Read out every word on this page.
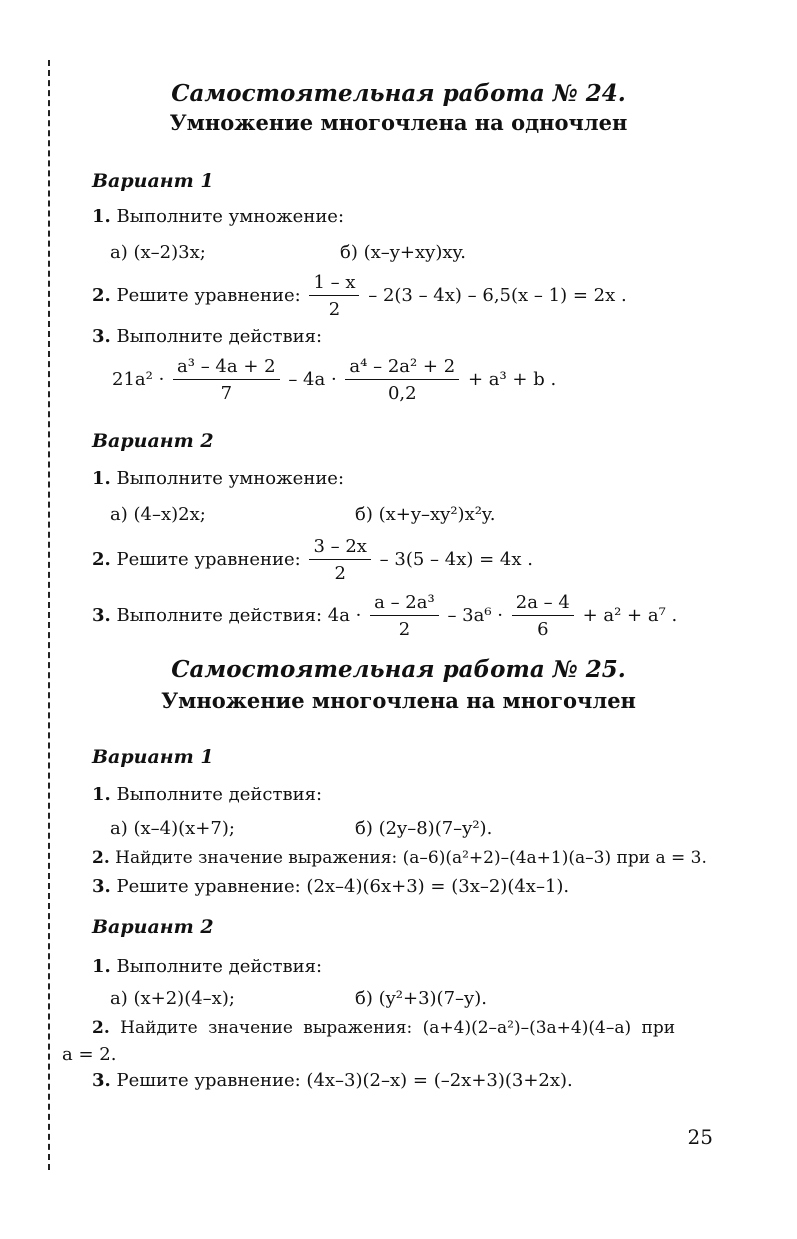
Самостоятельная работа № 24.
Умножение многочлена на одночлен
Вариант 1
1. Выполните умножение:
а) (x–2)3x;	б) (x–y+xy)xy.
2. Решите уравнение: $\frac{1 - x}{2} - 2(3 - 4x) - 6,5(x - 1) = 2x$ .
3. Выполните действия:
$21a^2 \cdot \frac{\text{a³ – 4a + 2}}{7} - 4a \cdot \frac{\text{a⁴ – 2a² + 2}}{0,2} + a^3 + b$ .
Вариант 2
1. Выполните умножение:
а) (4–x)2x;	б) (x+y–xy²)x²y.
2. Решите уравнение: $\frac{3 - 2x}{2} - 3(5 - 4x) = 4x$ .
3. Выполните действия: $4a \cdot \frac{\text{a – 2a³}}{2} - 3a^6 \cdot \frac{2a - 4}{6} + a^2 + a^7$ .
Самостоятельная работа № 25.
Умножение многочлена на многочлен
Вариант 1
1. Выполните действия:
а) (x–4)(x+7);	б) (2y–8)(7–y²).
2. Найдите значение выражения: (a–6)(a²+2)–(4a+1)(a–3) при a = 3.
3. Решите уравнение: (2x–4)(6x+3) = (3x–2)(4x–1).
Вариант 2
1. Выполните действия:
а) (x+2)(4–x);	б) (y²+3)(7–y).
2. Найдите значение выражения: (a+4)(2–a²)–(3a+4)(4–a) при
a = 2.
3. Решите уравнение: (4x–3)(2–x) = (–2x+3)(3+2x).
25
